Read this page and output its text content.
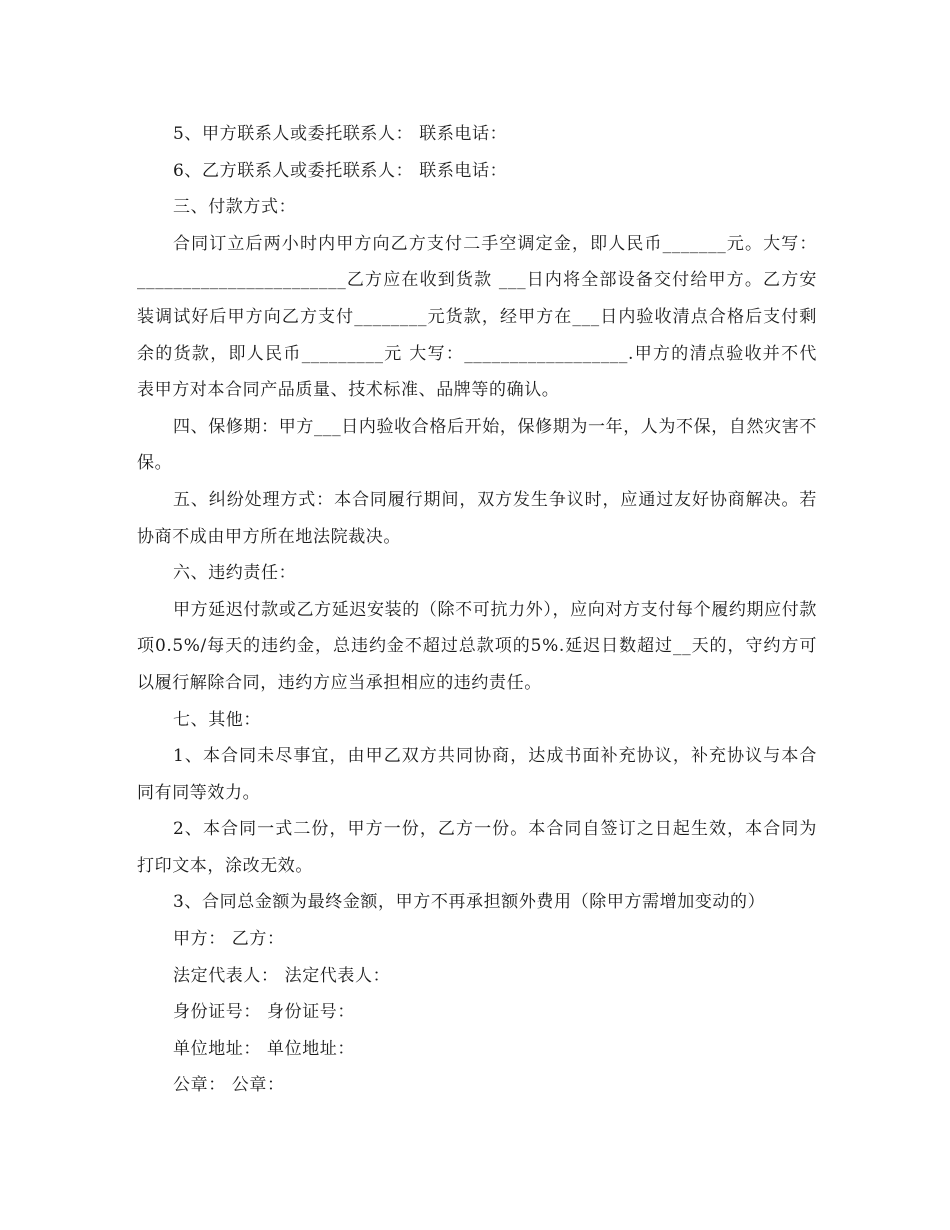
5、甲方联系人或委托联系人： 联系电话：

6、乙方联系人或委托联系人： 联系电话：

三、付款方式：

合同订立后两小时内甲方向乙方支付二手空调定金，即人民币_______元。大写：_______________________乙方应在收到货款 ___日内将全部设备交付给甲方。乙方安装调试好后甲方向乙方支付________元货款，经甲方在___日内验收清点合格后支付剩余的货款，即人民币_________元 大写：__________________.甲方的清点验收并不代表甲方对本合同产品质量、技术标准、品牌等的确认。

四、保修期：甲方___日内验收合格后开始，保修期为一年，人为不保，自然灾害不保。

五、纠纷处理方式：本合同履行期间，双方发生争议时，应通过友好协商解决。若协商不成由甲方所在地法院裁决。

六、违约责任：

甲方延迟付款或乙方延迟安装的（除不可抗力外），应向对方支付每个履约期应付款项0.5%/每天的违约金，总违约金不超过总款项的5%.延迟日数超过__天的，守约方可以履行解除合同，违约方应当承担相应的违约责任。

七、其他：

1、本合同未尽事宜，由甲乙双方共同协商，达成书面补充协议，补充协议与本合同有同等效力。

2、本合同一式二份，甲方一份，乙方一份。本合同自签订之日起生效，本合同为打印文本，涂改无效。

3、合同总金额为最终金额，甲方不再承担额外费用（除甲方需增加变动的）

甲方： 乙方：

法定代表人： 法定代表人：

身份证号： 身份证号：

单位地址： 单位地址：

公章： 公章：
